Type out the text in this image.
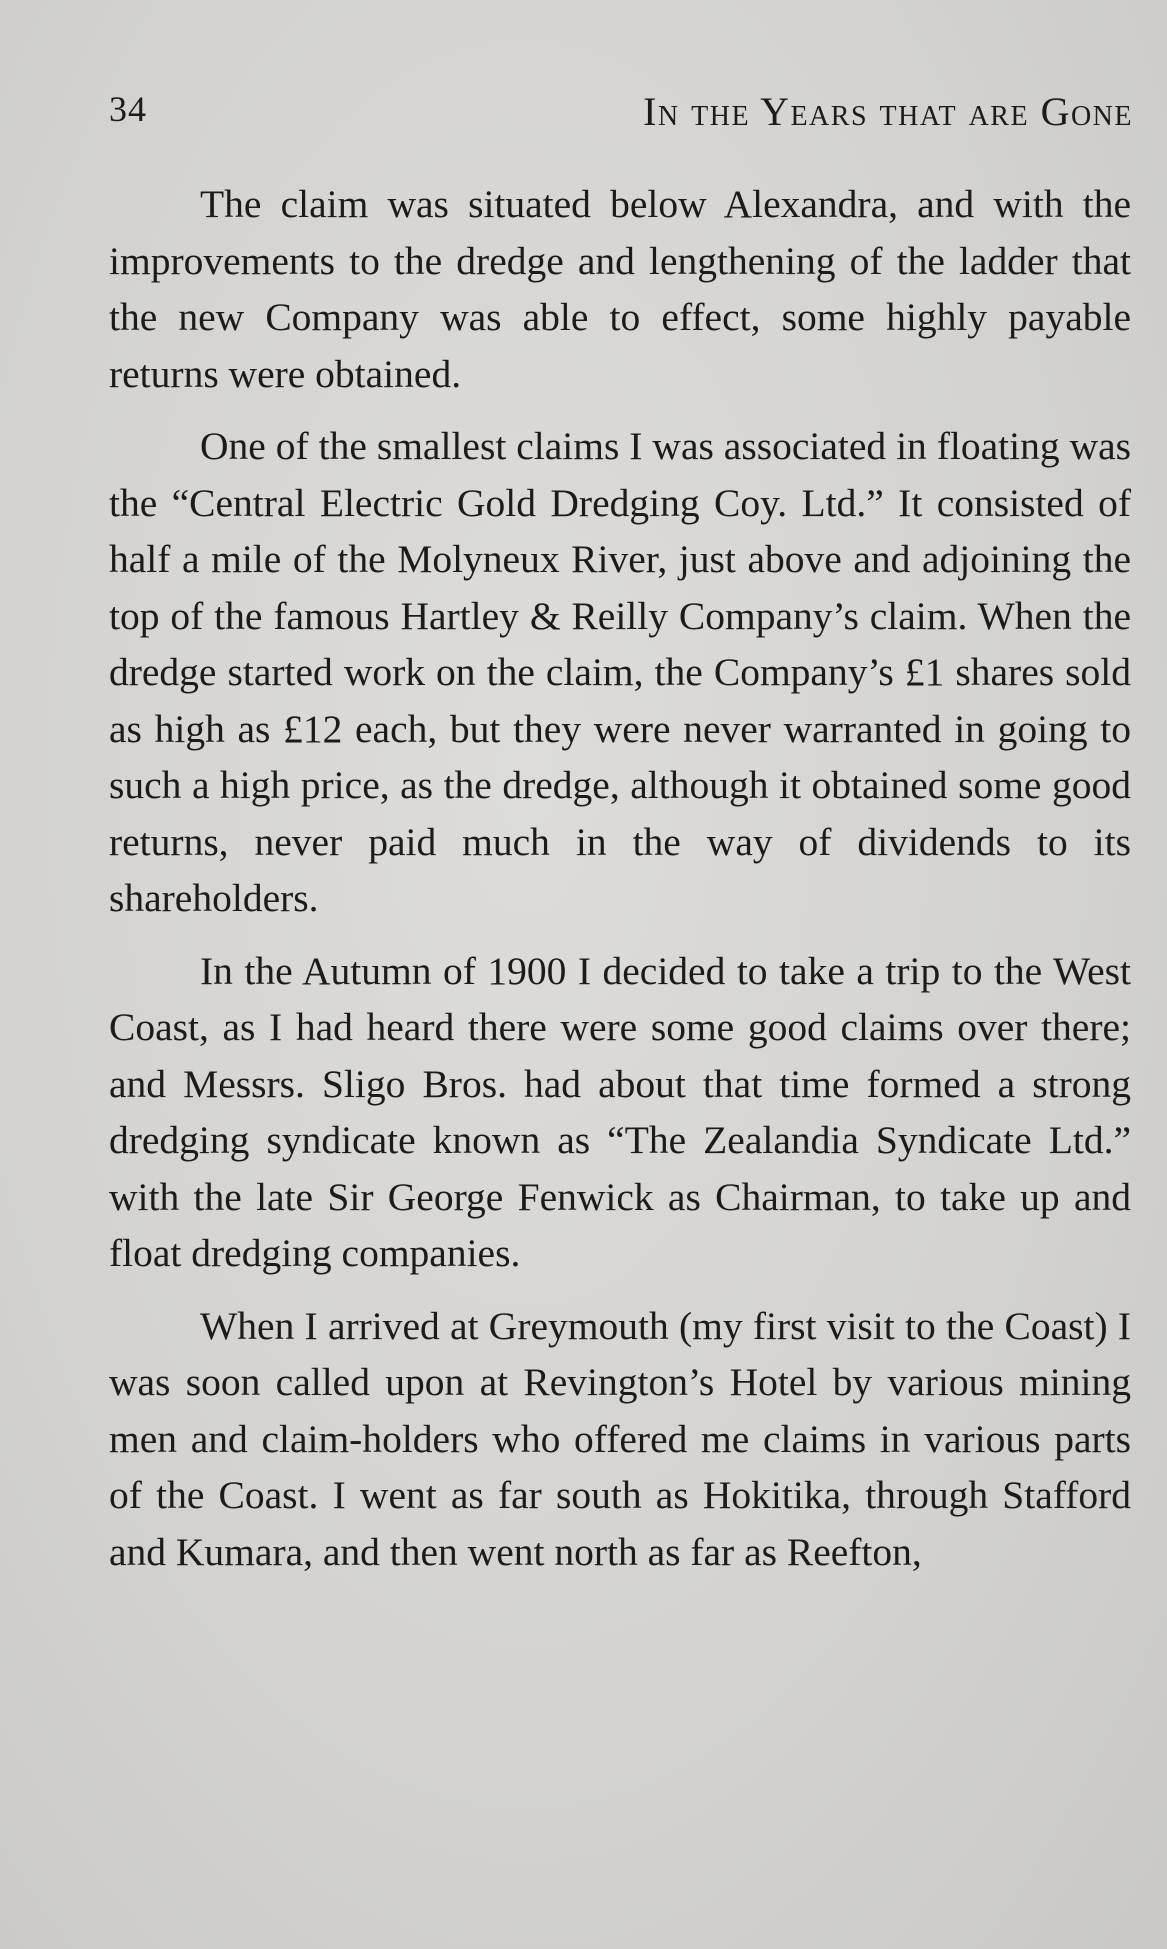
34	In the Years that are Gone

The claim was situated below Alexandra, and with the improvements to the dredge and lengthening of the ladder that the new Company was able to effect, some highly payable returns were obtained.

One of the smallest claims I was associated in floating was the “Central Electric Gold Dredging Coy. Ltd.” It consisted of half a mile of the Molyneux River, just above and adjoining the top of the famous Hartley & Reilly Company’s claim. When the dredge started work on the claim, the Company’s £1 shares sold as high as £12 each, but they were never warranted in going to such a high price, as the dredge, although it obtained some good returns, never paid much in the way of dividends to its shareholders.

In the Autumn of 1900 I decided to take a trip to the West Coast, as I had heard there were some good claims over there; and Messrs. Sligo Bros. had about that time formed a strong dredging syndicate known as “The Zealandia Syndicate Ltd.” with the late Sir George Fenwick as Chairman, to take up and float dredging companies.

When I arrived at Greymouth (my first visit to the Coast) I was soon called upon at Revington’s Hotel by various mining men and claim-holders who offered me claims in various parts of the Coast. I went as far south as Hokitika, through Stafford and Kumara, and then went north as far as Reefton,
